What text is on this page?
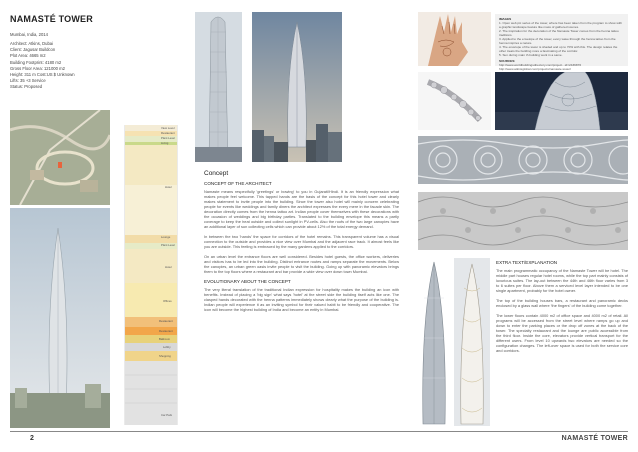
NAMASTÉ TOWER
Mumbai, India, 2014
Architect: Atkins, Dubai
Client: Jagusar Buildcon
Plot Area: 4665 m2
Building Footprint: 4180 m2
Gross Floor Area: 121000 m2
Height: 311 m Cost:US $ Unknown
Lifts: 35 +3 Service
Status: Proposed
View Level
Restaurant
Plant Level
Living
Hotel
Lounge
Plant Level
Hotel
Offices
Restaurant
Restaurant
Ballroom
Lobby
Shopping
Car Park
IMAGES
1. Open web pic series of the tower, where has been taken from the program to show with a graphic landscape feature like mass of gathered scenes.
2. The inspiration for the decoration of the Namaste Tower comes from the henna tattoo traditions.
3. Applied to the envelope of the tower, every wave through the henna tattoo from the henna inspires a nature.
4. The envelope of the tower is shaded and up to 70% with this. The design relates the other treats the building more a fascinating of the corridor.
5. Sun during main th building work in a same.
SOURCES:
http://www.worldbuildingsdirectory.com/project...id=2436876
http://www.atkinsglobal.com/projects/namaste-tower/
Concept
CONCEPT OF THE ARCHITECT

Namaste means respectfully 'greetings' or bowing' to you in Gujarati/Hindi. It is an friendly expression what makes people feel welcome. This tapped hands are the basis of the concept for this hotel tower and clearly makes statement to invite people into the building. Since the tower also hotel will mainly concern celebrating people for events like weddings and family diners the architect expresses the every mere in the facade skin. The decoration directly comes from the henna tattoo art. Indian people cover themselves with these decorations with the occasion of weddings and big birthday parties. Translated to the building envelope this means a partly coverage to keep the heat outside and collect sunlight in PV-cells. Also the roofs of the two large canopies have an additional layer of sun collecting cells which can provide about 12% of the total energy demand.

In between the two 'hands' the space for corridors of the hotel remains. This transparent volume has a visual connection to the outside and provides a nice view over Mumbai and the adjacent race track. It almost feels like you are outside. This feeling is embraced by the many gardens applied to the corridors.

On an urban level the entrance floors are well considered. Besides hotel guests, the office workers, deliveries and visitors has to be led into the building. Distinct entrance routes and ramps separate the movements. Below the canopies, an urban green oasis invite people to visit the building. Going up with panoramic elevators brings them to the top floors where a restaurant and bar provide a wide view over down town Mumbai.

EVOLUTIONARY ABOUT THE CONCEPT

The very literal translation of the traditional Indian expression for hospitality makes the building an icon with benefits. Instead of placing a 'big sign' what says 'hotel' at the street side the building itself acts like one. The clasped hands decorated with the henna patterns immediately shows clearly what the purpose of the building is. Indian people will experience it as an inviting symbol for their valued habit to be friendly and cooperative. The icon will become the highest building of India and become an entity in Mumbai.

EXTRA TEXT/EXPLANATION

The main programmatic occupancy of the Namaste Tower will be hotel. The middle part houses regular hotel rooms, while the top part mainly consists of luxurious suites. The lay-out between the 44th and 46th floor varies from 3 to 6 suites per floor. Above them a serviced level layer intended to be one single apartment, probably for the hotel owner.

The top of the building houses bars, a restaurant and panoramic decks enclosed by a glass wall where 'the fingers' of the building come together.

The lower floors contain 4000 m2 of office space and 4000 m2 of retail. All programs will be accessed from the street level where ramps go up and down to enter the parking places or the drop off zones at the back of the tower. The specialty restaurant and the lounge are public accessible from the third floor. Inside the core, elevators provide vertical transport for the different users. From level 10 upwards two elevators are needed so the configuration changes. The left-over space is used for both the service core and corridors.

2	NAMASTÉ TOWER
